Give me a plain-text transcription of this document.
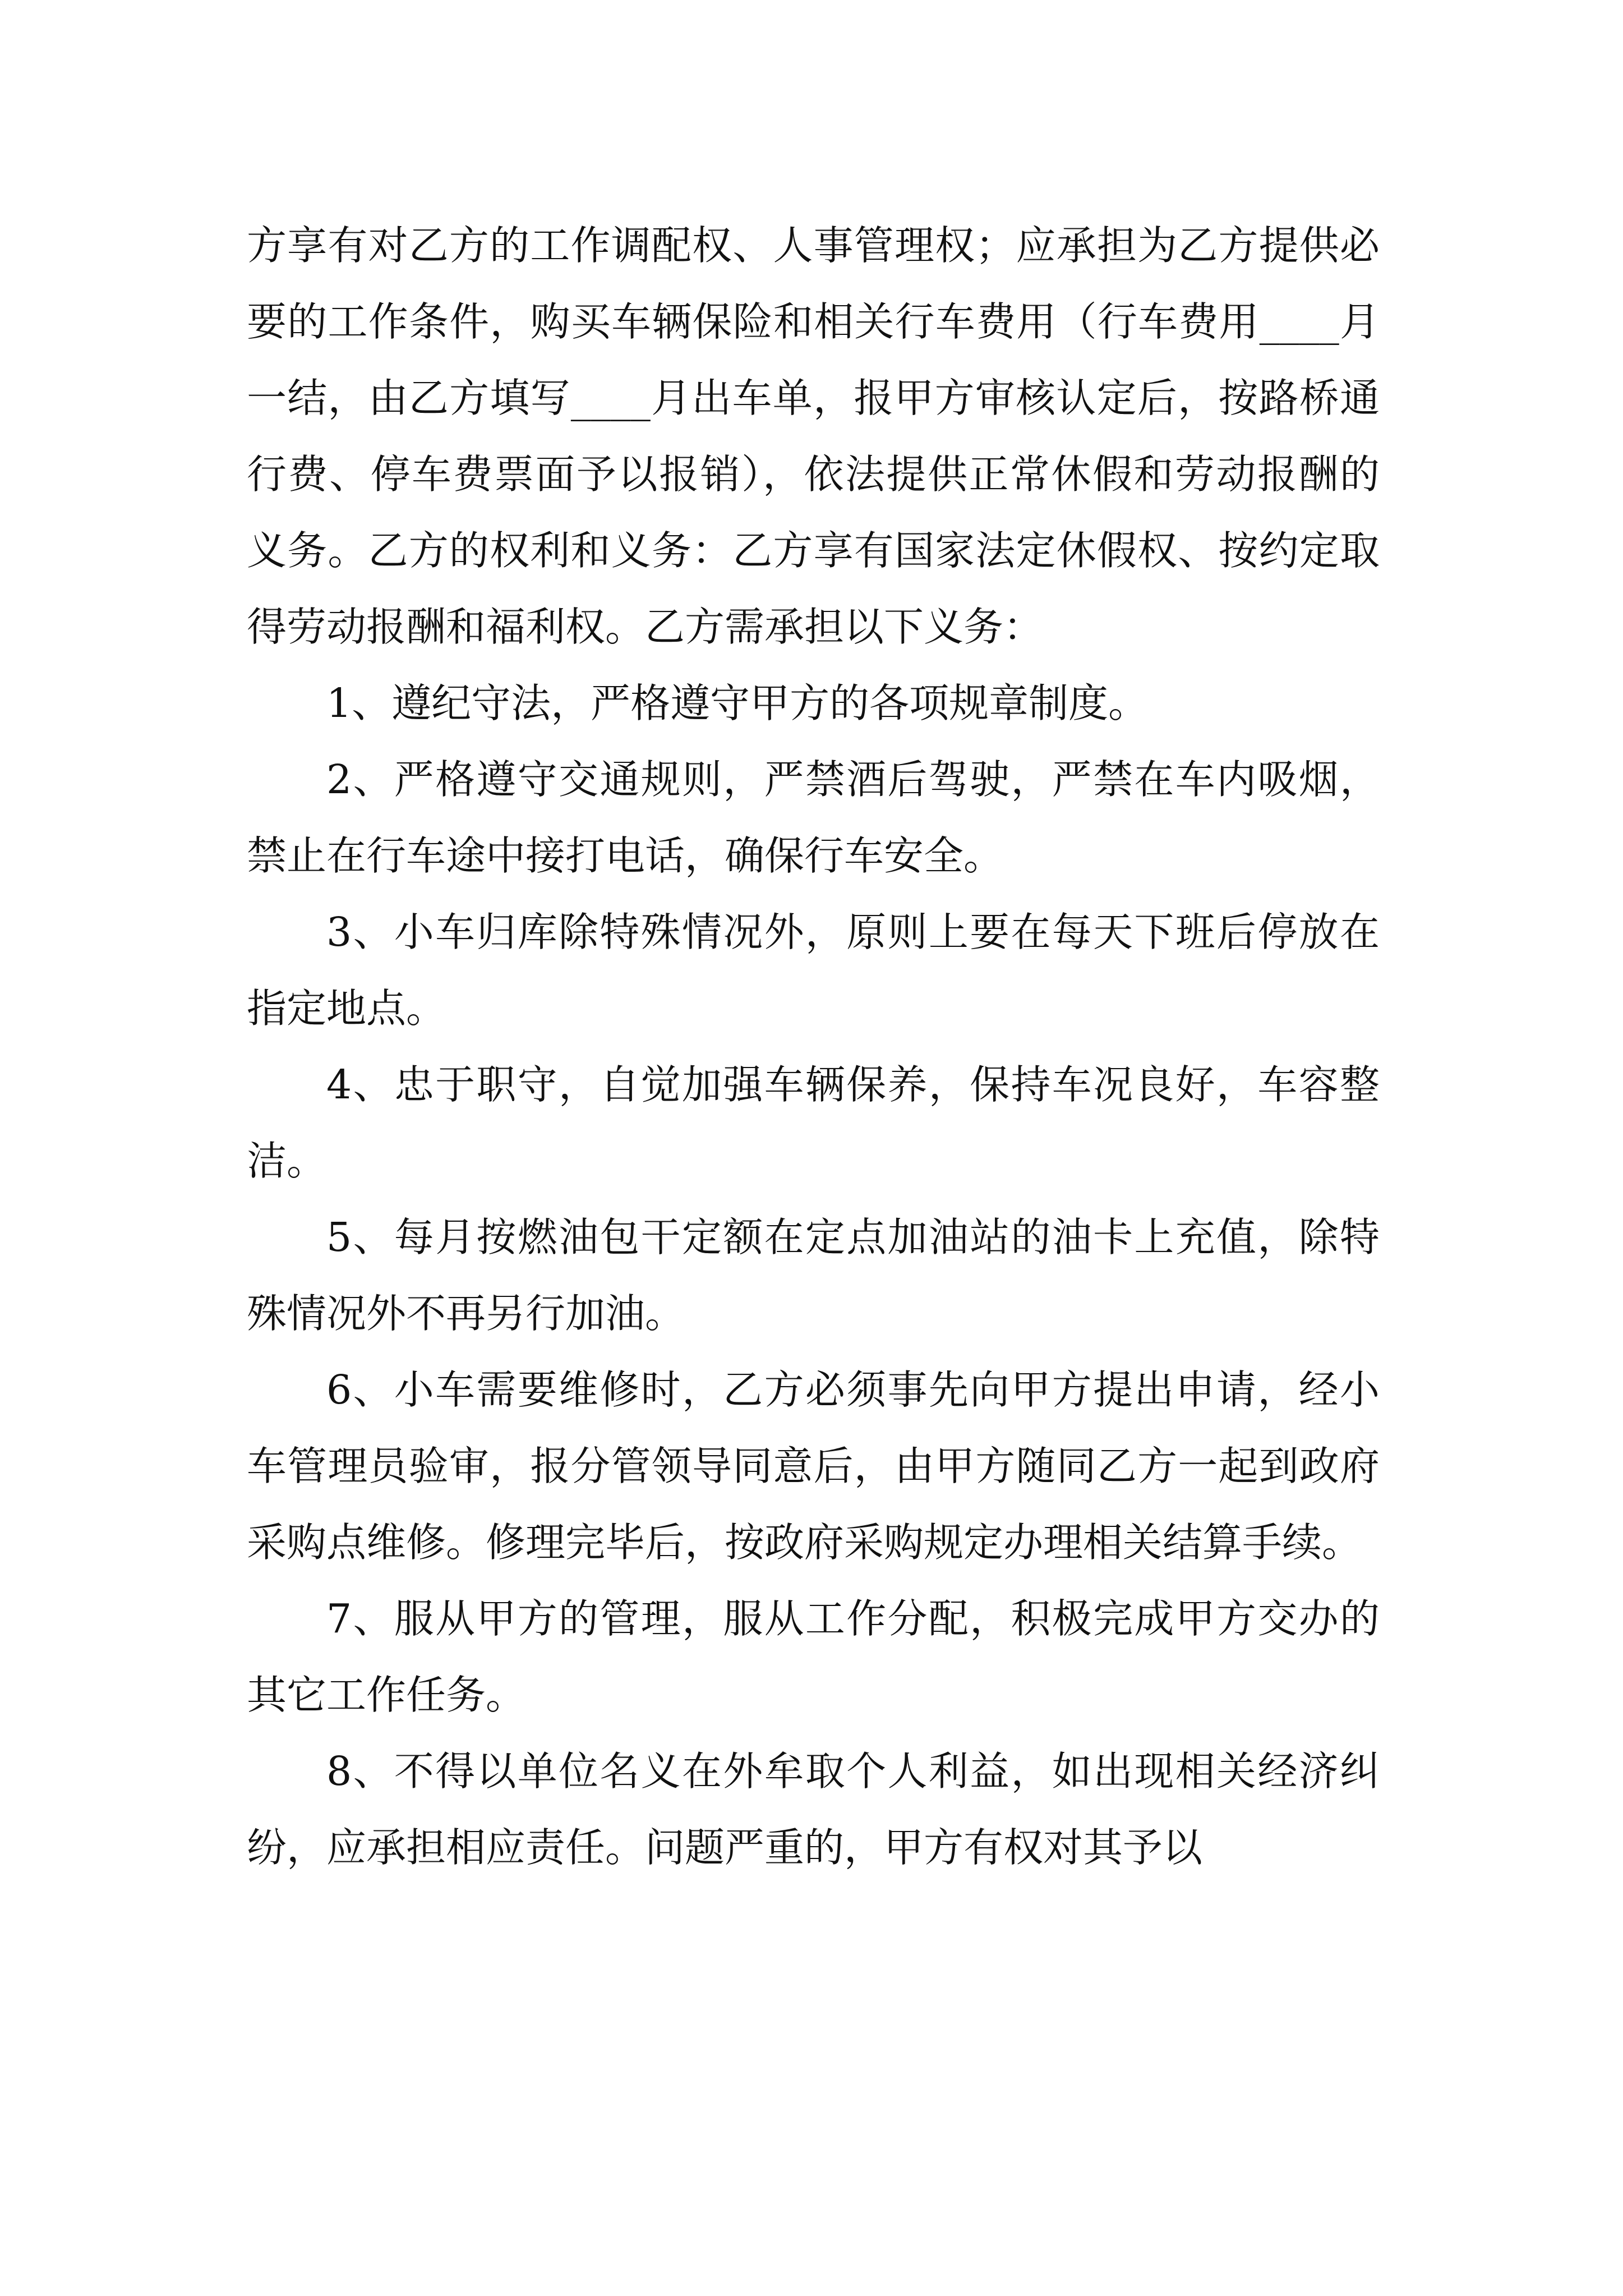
方享有对乙方的工作调配权、人事管理权；应承担为乙方提供必要的工作条件，购买车辆保险和相关行车费用（行车费用____月一结，由乙方填写____月出车单，报甲方审核认定后，按路桥通行费、停车费票面予以报销），依法提供正常休假和劳动报酬的义务。乙方的权利和义务：乙方享有国家法定休假权、按约定取得劳动报酬和福利权。乙方需承担以下义务：

1、遵纪守法，严格遵守甲方的各项规章制度。

2、严格遵守交通规则，严禁酒后驾驶，严禁在车内吸烟，禁止在行车途中接打电话，确保行车安全。

3、小车归库除特殊情况外，原则上要在每天下班后停放在指定地点。

4、忠于职守，自觉加强车辆保养，保持车况良好，车容整洁。

5、每月按燃油包干定额在定点加油站的油卡上充值，除特殊情况外不再另行加油。

6、小车需要维修时，乙方必须事先向甲方提出申请，经小车管理员验审，报分管领导同意后，由甲方随同乙方一起到政府采购点维修。修理完毕后，按政府采购规定办理相关结算手续。

7、服从甲方的管理，服从工作分配，积极完成甲方交办的其它工作任务。

8、不得以单位名义在外牟取个人利益，如出现相关经济纠纷，应承担相应责任。问题严重的，甲方有权对其予以
